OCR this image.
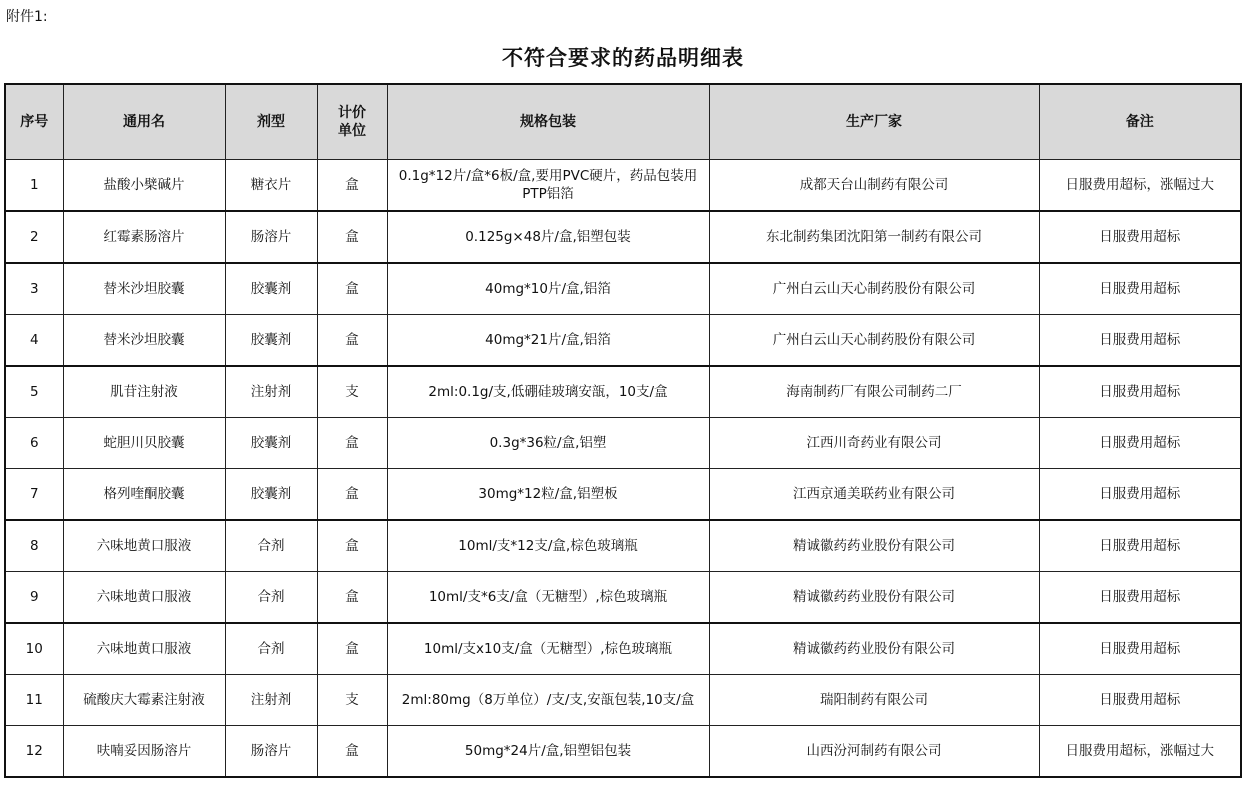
附件1:
不符合要求的药品明细表
序号	通用名	剂型	计价单位	规格包装	生产厂家	备注
1	盐酸小檗碱片	糖衣片	盒	0.1g*12片/盒*6板/盒,要用PVC硬片，药品包装用PTP铝箔	成都天台山制药有限公司	日服费用超标，涨幅过大
2	红霉素肠溶片	肠溶片	盒	0.125g×48片/盒,铝塑包装	东北制药集团沈阳第一制药有限公司	日服费用超标
3	替米沙坦胶囊	胶囊剂	盒	40mg*10片/盒,铝箔	广州白云山天心制药股份有限公司	日服费用超标
4	替米沙坦胶囊	胶囊剂	盒	40mg*21片/盒,铝箔	广州白云山天心制药股份有限公司	日服费用超标
5	肌苷注射液	注射剂	支	2ml:0.1g/支,低硼硅玻璃安瓿，10支/盒	海南制药厂有限公司制药二厂	日服费用超标
6	蛇胆川贝胶囊	胶囊剂	盒	0.3g*36粒/盒,铝塑	江西川奇药业有限公司	日服费用超标
7	格列喹酮胶囊	胶囊剂	盒	30mg*12粒/盒,铝塑板	江西京通美联药业有限公司	日服费用超标
8	六味地黄口服液	合剂	盒	10ml/支*12支/盒,棕色玻璃瓶	精诚徽药药业股份有限公司	日服费用超标
9	六味地黄口服液	合剂	盒	10ml/支*6支/盒（无糖型）,棕色玻璃瓶	精诚徽药药业股份有限公司	日服费用超标
10	六味地黄口服液	合剂	盒	10ml/支x10支/盒（无糖型）,棕色玻璃瓶	精诚徽药药业股份有限公司	日服费用超标
11	硫酸庆大霉素注射液	注射剂	支	2ml:80mg（8万单位）/支/支,安瓿包装,10支/盒	瑞阳制药有限公司	日服费用超标
12	呋喃妥因肠溶片	肠溶片	盒	50mg*24片/盒,铝塑铝包装	山西汾河制药有限公司	日服费用超标，涨幅过大
